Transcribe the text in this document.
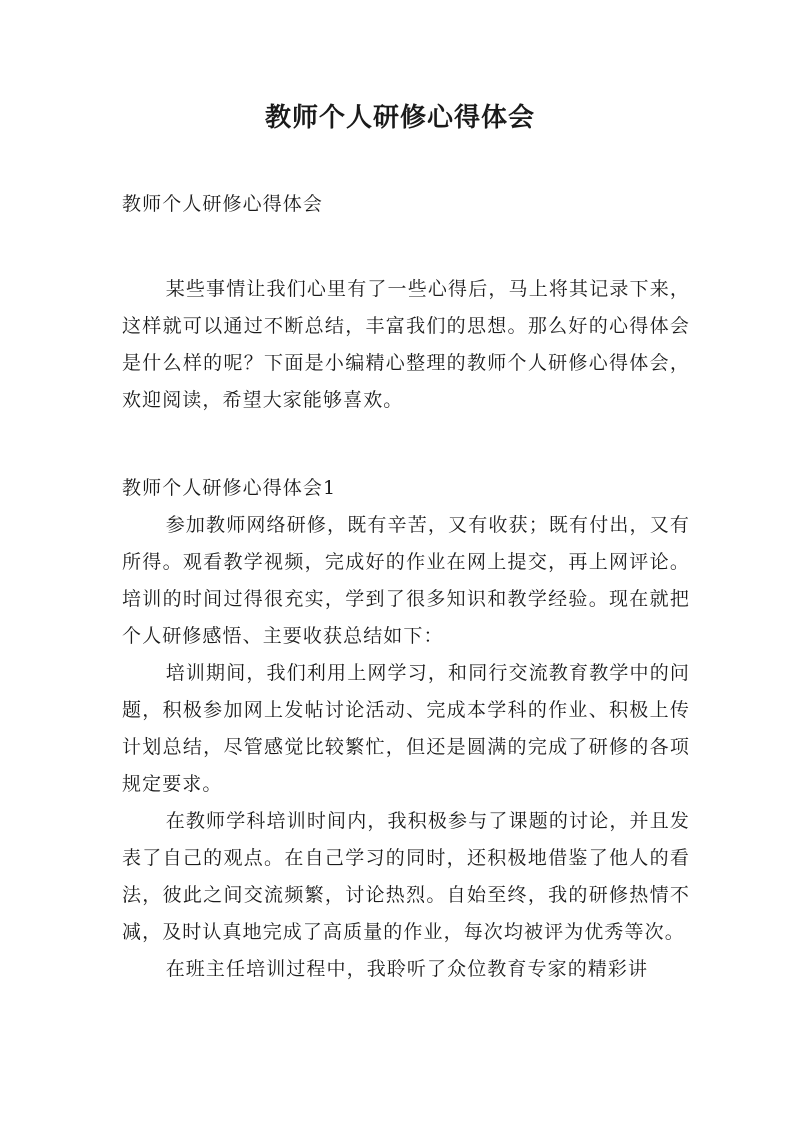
教师个人研修心得体会

教师个人研修心得体会

某些事情让我们心里有了一些心得后，马上将其记录下来，这样就可以通过不断总结，丰富我们的思想。那么好的心得体会是什么样的呢？下面是小编精心整理的教师个人研修心得体会，欢迎阅读，希望大家能够喜欢。

教师个人研修心得体会1

参加教师网络研修，既有辛苦，又有收获；既有付出，又有所得。观看教学视频，完成好的作业在网上提交，再上网评论。培训的时间过得很充实，学到了很多知识和教学经验。现在就把个人研修感悟、主要收获总结如下：

培训期间，我们利用上网学习，和同行交流教育教学中的问题，积极参加网上发帖讨论活动、完成本学科的作业、积极上传计划总结，尽管感觉比较繁忙，但还是圆满的完成了研修的各项规定要求。

在教师学科培训时间内，我积极参与了课题的讨论，并且发表了自己的观点。在自己学习的同时，还积极地借鉴了他人的看法，彼此之间交流频繁，讨论热烈。自始至终，我的研修热情不减，及时认真地完成了高质量的作业，每次均被评为优秀等次。

在班主任培训过程中，我聆听了众位教育专家的精彩讲
